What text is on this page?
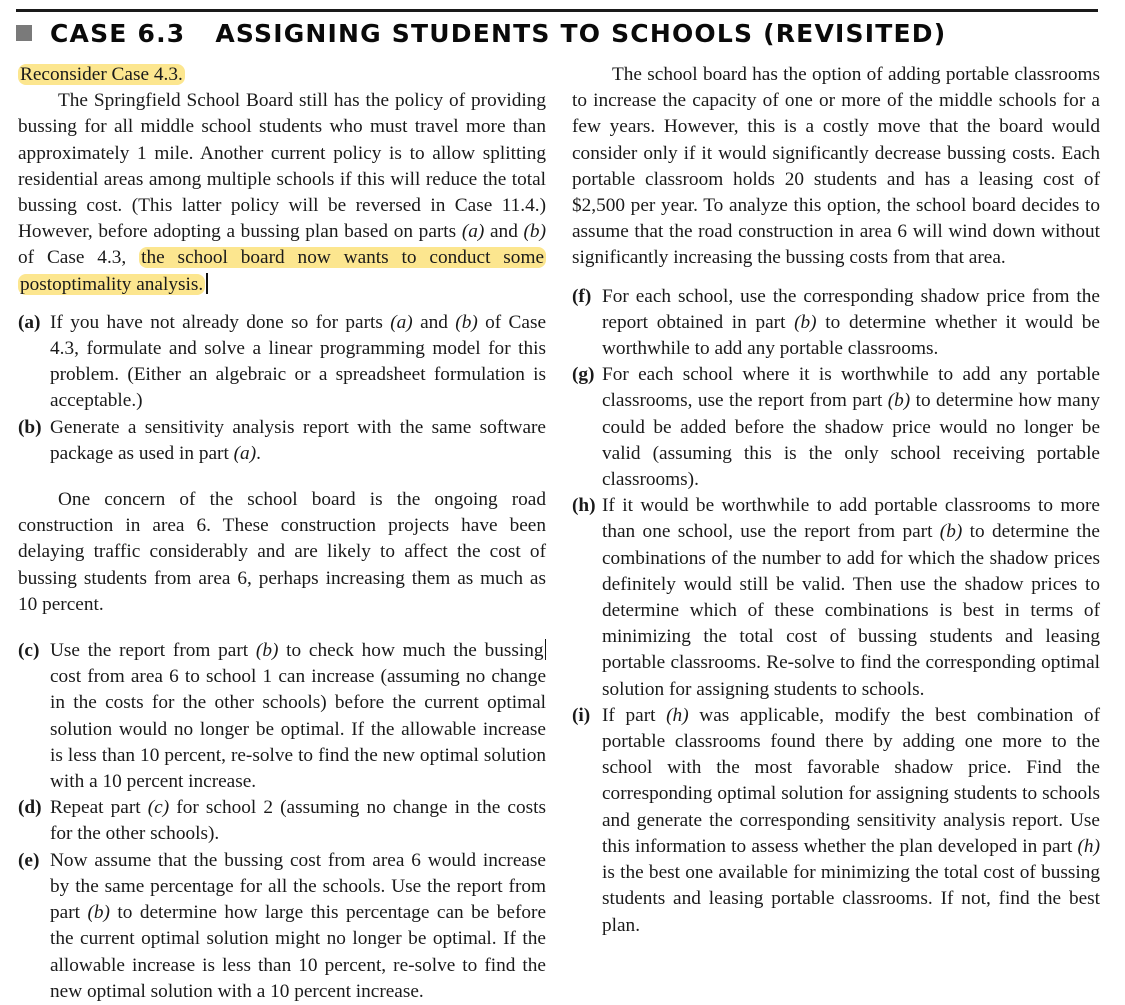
CASE 6.3 ASSIGNING STUDENTS TO SCHOOLS (REVISITED)

Reconsider Case 4.3.

The Springfield School Board still has the policy of providing bussing for all middle school students who must travel more than approximately 1 mile. Another current policy is to allow splitting residential areas among multiple schools if this will reduce the total bussing cost. (This latter policy will be reversed in Case 11.4.) However, before adopting a bussing plan based on parts (a) and (b) of Case 4.3, the school board now wants to conduct some postoptimality analysis.

(a) If you have not already done so for parts (a) and (b) of Case 4.3, formulate and solve a linear programming model for this problem. (Either an algebraic or a spreadsheet formulation is acceptable.)

(b) Generate a sensitivity analysis report with the same software package as used in part (a).

One concern of the school board is the ongoing road construction in area 6. These construction projects have been delaying traffic considerably and are likely to affect the cost of bussing students from area 6, perhaps increasing them as much as 10 percent.

(c) Use the report from part (b) to check how much the bussing cost from area 6 to school 1 can increase (assuming no change in the costs for the other schools) before the current optimal solution would no longer be optimal. If the allowable increase is less than 10 percent, re-solve to find the new optimal solution with a 10 percent increase.

(d) Repeat part (c) for school 2 (assuming no change in the costs for the other schools).

(e) Now assume that the bussing cost from area 6 would increase by the same percentage for all the schools. Use the report from part (b) to determine how large this percentage can be before the current optimal solution might no longer be optimal. If the allowable increase is less than 10 percent, re-solve to find the new optimal solution with a 10 percent increase.

The school board has the option of adding portable classrooms to increase the capacity of one or more of the middle schools for a few years. However, this is a costly move that the board would consider only if it would significantly decrease bussing costs. Each portable classroom holds 20 students and has a leasing cost of $2,500 per year. To analyze this option, the school board decides to assume that the road construction in area 6 will wind down without significantly increasing the bussing costs from that area.

(f) For each school, use the corresponding shadow price from the report obtained in part (b) to determine whether it would be worthwhile to add any portable classrooms.

(g) For each school where it is worthwhile to add any portable classrooms, use the report from part (b) to determine how many could be added before the shadow price would no longer be valid (assuming this is the only school receiving portable classrooms).

(h) If it would be worthwhile to add portable classrooms to more than one school, use the report from part (b) to determine the combinations of the number to add for which the shadow prices definitely would still be valid. Then use the shadow prices to determine which of these combinations is best in terms of minimizing the total cost of bussing students and leasing portable classrooms. Re-solve to find the corresponding optimal solution for assigning students to schools.

(i) If part (h) was applicable, modify the best combination of portable classrooms found there by adding one more to the school with the most favorable shadow price. Find the corresponding optimal solution for assigning students to schools and generate the corresponding sensitivity analysis report. Use this information to assess whether the plan developed in part (h) is the best one available for minimizing the total cost of bussing students and leasing portable classrooms. If not, find the best plan.
